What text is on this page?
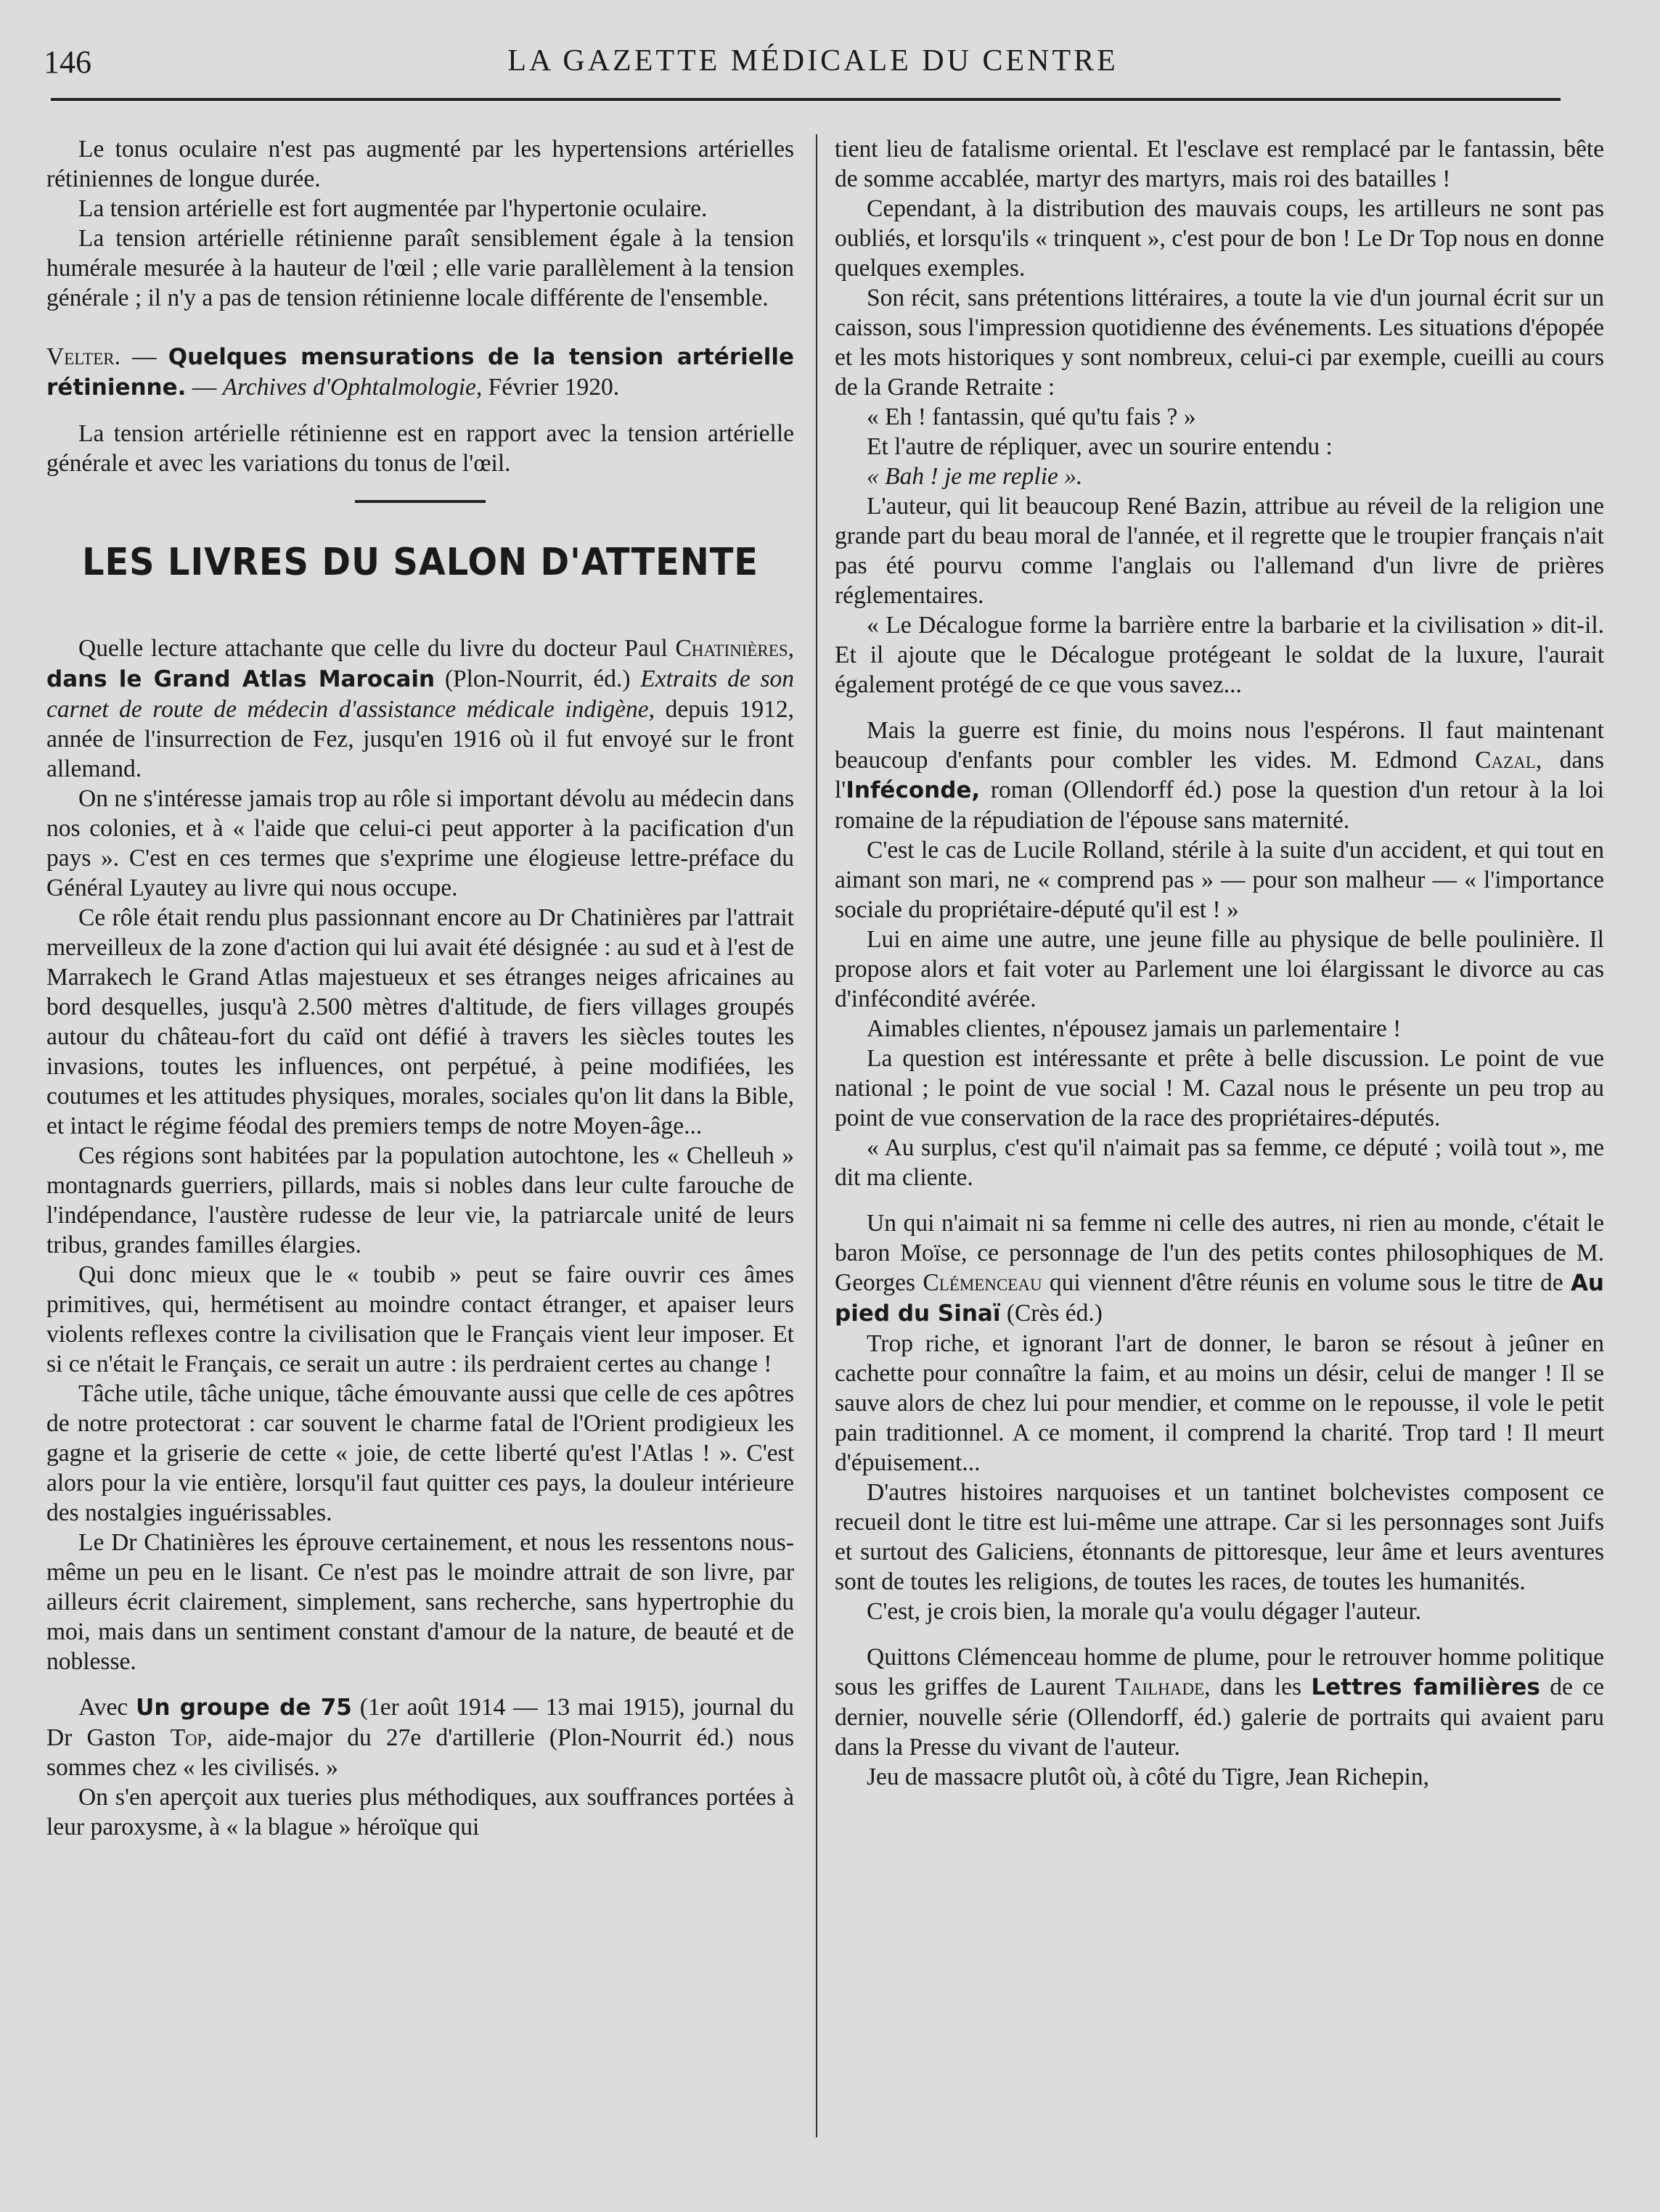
146	LA GAZETTE MÉDICALE DU CENTRE

Le tonus oculaire n'est pas augmenté par les hypertensions artérielles rétiniennes de longue durée.

La tension artérielle est fort augmentée par l'hypertonie oculaire.

La tension artérielle rétinienne paraît sensiblement égale à la tension humérale mesurée à la hauteur de l'œil ; elle varie parallèlement à la tension générale ; il n'y a pas de tension rétinienne locale différente de l'ensemble.

Velter. — Quelques mensurations de la tension artérielle rétinienne. — Archives d'Ophtalmologie, Février 1920.

La tension artérielle rétinienne est en rapport avec la tension artérielle générale et avec les variations du tonus de l'œil.

LES LIVRES DU SALON D'ATTENTE

Quelle lecture attachante que celle du livre du docteur Paul Chatinières, dans le Grand Atlas Marocain (Plon-Nourrit, éd.) Extraits de son carnet de route de médecin d'assistance médicale indigène, depuis 1912, année de l'insurrection de Fez, jusqu'en 1916 où il fut envoyé sur le front allemand.

On ne s'intéresse jamais trop au rôle si important dévolu au médecin dans nos colonies, et à « l'aide que celui-ci peut apporter à la pacification d'un pays ». C'est en ces termes que s'exprime une élogieuse lettre-préface du Général Lyautey au livre qui nous occupe.

Ce rôle était rendu plus passionnant encore au Dr Chatinières par l'attrait merveilleux de la zone d'action qui lui avait été désignée : au sud et à l'est de Marrakech le Grand Atlas majestueux et ses étranges neiges africaines au bord desquelles, jusqu'à 2.500 mètres d'altitude, de fiers villages groupés autour du château-fort du caïd ont défié à travers les siècles toutes les invasions, toutes les influences, ont perpétué, à peine modifiées, les coutumes et les attitudes physiques, morales, sociales qu'on lit dans la Bible, et intact le régime féodal des premiers temps de notre Moyen-âge...

Ces régions sont habitées par la population autochtone, les « Chelleuh » montagnards guerriers, pillards, mais si nobles dans leur culte farouche de l'indépendance, l'austère rudesse de leur vie, la patriarcale unité de leurs tribus, grandes familles élargies.

Qui donc mieux que le « toubib » peut se faire ouvrir ces âmes primitives, qui, hermétisent au moindre contact étranger, et apaiser leurs violents reflexes contre la civilisation que le Français vient leur imposer. Et si ce n'était le Français, ce serait un autre : ils perdraient certes au change !

Tâche utile, tâche unique, tâche émouvante aussi que celle de ces apôtres de notre protectorat : car souvent le charme fatal de l'Orient prodigieux les gagne et la griserie de cette « joie, de cette liberté qu'est l'Atlas ! ». C'est alors pour la vie entière, lorsqu'il faut quitter ces pays, la douleur intérieure des nostalgies inguérissables.

Le Dr Chatinières les éprouve certainement, et nous les ressentons nous-même un peu en le lisant. Ce n'est pas le moindre attrait de son livre, par ailleurs écrit clairement, simplement, sans recherche, sans hypertrophie du moi, mais dans un sentiment constant d'amour de la nature, de beauté et de noblesse.

Avec Un groupe de 75 (1er août 1914 — 13 mai 1915), journal du Dr Gaston Top, aide-major du 27e d'artillerie (Plon-Nourrit éd.) nous sommes chez « les civilisés. »

On s'en aperçoit aux tueries plus méthodiques, aux souffrances portées à leur paroxysme, à « la blague » héroïque qui

tient lieu de fatalisme oriental. Et l'esclave est remplacé par le fantassin, bête de somme accablée, martyr des martyrs, mais roi des batailles !

Cependant, à la distribution des mauvais coups, les artilleurs ne sont pas oubliés, et lorsqu'ils « trinquent », c'est pour de bon ! Le Dr Top nous en donne quelques exemples.

Son récit, sans prétentions littéraires, a toute la vie d'un journal écrit sur un caisson, sous l'impression quotidienne des événements. Les situations d'épopée et les mots historiques y sont nombreux, celui-ci par exemple, cueilli au cours de la Grande Retraite :

« Eh ! fantassin, qué qu'tu fais ? »

Et l'autre de répliquer, avec un sourire entendu :

« Bah ! je me replie ».

L'auteur, qui lit beaucoup René Bazin, attribue au réveil de la religion une grande part du beau moral de l'année, et il regrette que le troupier français n'ait pas été pourvu comme l'anglais ou l'allemand d'un livre de prières réglementaires.

« Le Décalogue forme la barrière entre la barbarie et la civilisation » dit-il. Et il ajoute que le Décalogue protégeant le soldat de la luxure, l'aurait également protégé de ce que vous savez...

Mais la guerre est finie, du moins nous l'espérons. Il faut maintenant beaucoup d'enfants pour combler les vides. M. Edmond Cazal, dans l'Inféconde, roman (Ollendorff éd.) pose la question d'un retour à la loi romaine de la répudiation de l'épouse sans maternité.

C'est le cas de Lucile Rolland, stérile à la suite d'un accident, et qui tout en aimant son mari, ne « comprend pas » — pour son malheur — « l'importance sociale du propriétaire-député qu'il est ! »

Lui en aime une autre, une jeune fille au physique de belle poulinière. Il propose alors et fait voter au Parlement une loi élargissant le divorce au cas d'infécondité avérée.

Aimables clientes, n'épousez jamais un parlementaire !

La question est intéressante et prête à belle discussion. Le point de vue national ; le point de vue social ! M. Cazal nous le présente un peu trop au point de vue conservation de la race des propriétaires-députés.

« Au surplus, c'est qu'il n'aimait pas sa femme, ce député ; voilà tout », me dit ma cliente.

Un qui n'aimait ni sa femme ni celle des autres, ni rien au monde, c'était le baron Moïse, ce personnage de l'un des petits contes philosophiques de M. Georges Clémenceau qui viennent d'être réunis en volume sous le titre de Au pied du Sinaï (Crès éd.)

Trop riche, et ignorant l'art de donner, le baron se résout à jeûner en cachette pour connaître la faim, et au moins un désir, celui de manger ! Il se sauve alors de chez lui pour mendier, et comme on le repousse, il vole le petit pain traditionnel. A ce moment, il comprend la charité. Trop tard ! Il meurt d'épuisement...

D'autres histoires narquoises et un tantinet bolchevistes composent ce recueil dont le titre est lui-même une attrape. Car si les personnages sont Juifs et surtout des Galiciens, étonnants de pittoresque, leur âme et leurs aventures sont de toutes les religions, de toutes les races, de toutes les humanités.

C'est, je crois bien, la morale qu'a voulu dégager l'auteur.

Quittons Clémenceau homme de plume, pour le retrouver homme politique sous les griffes de Laurent Tailhade, dans les Lettres familières de ce dernier, nouvelle série (Ollendorff, éd.) galerie de portraits qui avaient paru dans la Presse du vivant de l'auteur.

Jeu de massacre plutôt où, à côté du Tigre, Jean Richepin,
